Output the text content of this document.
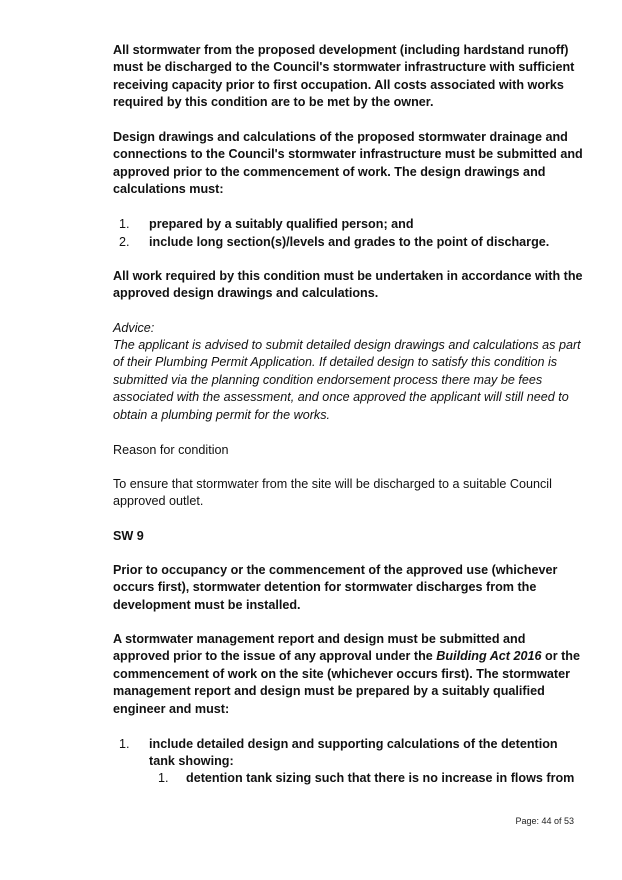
All stormwater from the proposed development (including hardstand runoff) must be discharged to the Council's stormwater infrastructure with sufficient receiving capacity prior to first occupation. All costs associated with works required by this condition are to be met by the owner.

Design drawings and calculations of the proposed stormwater drainage and connections to the Council's stormwater infrastructure must be submitted and approved prior to the commencement of work. The design drawings and calculations must:

1. prepared by a suitably qualified person; and
2. include long section(s)/levels and grades to the point of discharge.

All work required by this condition must be undertaken in accordance with the approved design drawings and calculations.

Advice:

The applicant is advised to submit detailed design drawings and calculations as part of their Plumbing Permit Application. If detailed design to satisfy this condition is submitted via the planning condition endorsement process there may be fees associated with the assessment, and once approved the applicant will still need to obtain a plumbing permit for the works.

Reason for condition

To ensure that stormwater from the site will be discharged to a suitable Council approved outlet.

SW 9

Prior to occupancy or the commencement of the approved use (whichever occurs first), stormwater detention for stormwater discharges from the development must be installed.

A stormwater management report and design must be submitted and approved prior to the issue of any approval under the Building Act 2016 or the commencement of work on the site (whichever occurs first). The stormwater management report and design must be prepared by a suitably qualified engineer and must:

1. include detailed design and supporting calculations of the detention tank showing:
1. detention tank sizing such that there is no increase in flows from
Page: 44 of 53
